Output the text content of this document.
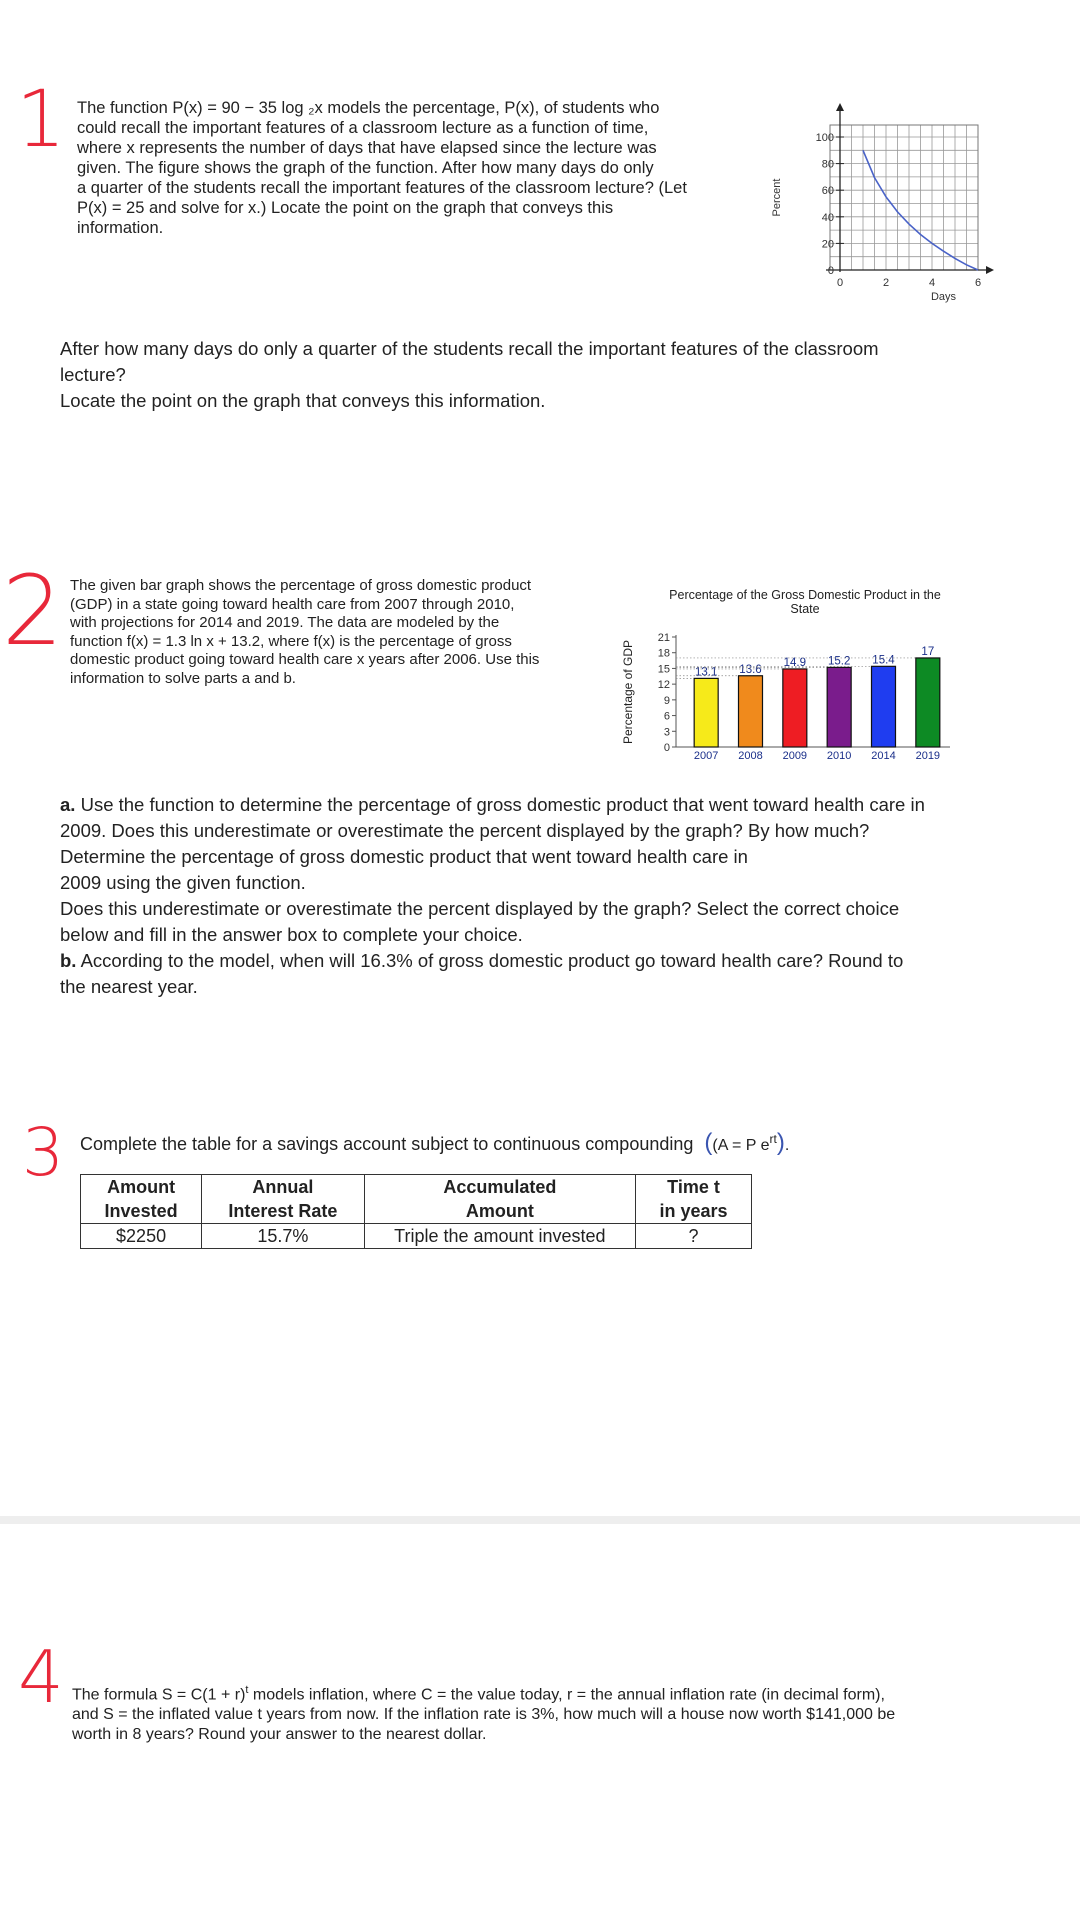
1 The function P(x) = 90 − 35 log ₂x models the percentage, P(x), of students who
could recall the important features of a classroom lecture as a function of time,
where x represents the number of days that have elapsed since the lecture was
given. The figure shows the graph of the function. After how many days do only
a quarter of the students recall the important features of the classroom lecture? (Let
P(x) = 25 and solve for x.) Locate the point on the graph that conveys this
information.
0
20
40
60
80
100
0	2	4	6
Days
Percent
After how many days do only a quarter of the students recall the important features of the classroom
lecture?
Locate the point on the graph that conveys this information.
2 The given bar graph shows the percentage of gross domestic product
(GDP) in a state going toward health care from 2007 through 2010,
with projections for 2014 and 2019. The data are modeled by the
function f(x) = 1.3 ln x + 13.2, where f(x) is the percentage of gross
domestic product going toward health care x years after 2006. Use this
information to solve parts a and b.
Percentage of the Gross Domestic Product in the
State
0
3
6
9
12
15
18
21
Percentage of GDP	13.1
2007
13.6
2008
14.9
2009
15.2
2010
15.4
2014
17
2019
a. Use the function to determine the percentage of gross domestic product that went toward health care in
2009. Does this underestimate or overestimate the percent displayed by the graph? By how much?
Determine the percentage of gross domestic product that went toward health care in
2009 using the given function.
Does this underestimate or overestimate the percent displayed by the graph? Select the correct choice
below and fill in the answer box to complete your choice.
b. According to the model, when will 16.3% of gross domestic product go toward health care? Round to
the nearest year.
3 Complete the table for a savings account subject to continuous compounding ((A = P $e^{rt}$).
Amount	Annual	Accumulated	Time t
Invested	Interest Rate	Amount	in years
$2250	15.7%	Triple the amount invested	?
4 The formula $S = C(1 + r)^t$ models inflation, where C = the value today, r = the annual inflation rate (in decimal form),
and S = the inflated value t years from now. If the inflation rate is 3%, how much will a house now worth $141,000 be
worth in 8 years? Round your answer to the nearest dollar.
